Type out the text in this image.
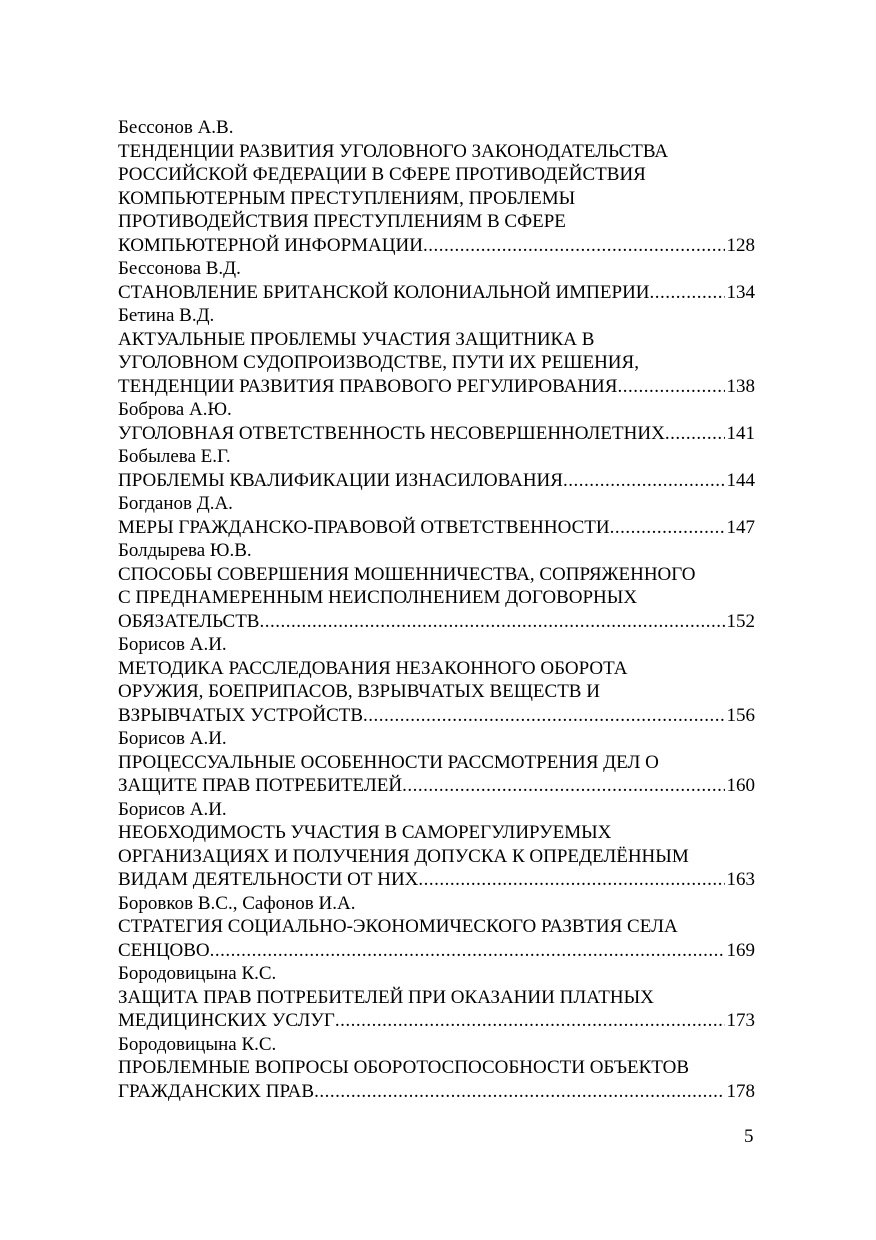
Бессонов А.В.
ТЕНДЕНЦИИ РАЗВИТИЯ УГОЛОВНОГО ЗАКОНОДАТЕЛЬСТВА
РОССИЙСКОЙ ФЕДЕРАЦИИ В СФЕРЕ ПРОТИВОДЕЙСТВИЯ
КОМПЬЮТЕРНЫМ ПРЕСТУПЛЕНИЯМ, ПРОБЛЕМЫ
ПРОТИВОДЕЙСТВИЯ ПРЕСТУПЛЕНИЯМ В СФЕРЕ
КОМПЬЮТЕРНОЙ ИНФОРМАЦИИ .....	128
Бессонова В.Д.
СТАНОВЛЕНИЕ БРИТАНСКОЙ КОЛОНИАЛЬНОЙ ИМПЕРИИ .....	134
Бетина В.Д.
АКТУАЛЬНЫЕ ПРОБЛЕМЫ УЧАСТИЯ ЗАЩИТНИКА В
УГОЛОВНОМ СУДОПРОИЗВОДСТВЕ, ПУТИ ИХ РЕШЕНИЯ,
ТЕНДЕНЦИИ РАЗВИТИЯ ПРАВОВОГО РЕГУЛИРОВАНИЯ .....	138
Боброва А.Ю.
УГОЛОВНАЯ ОТВЕТСТВЕННОСТЬ НЕСОВЕРШЕННОЛЕТНИХ .....	141
Бобылева Е.Г.
ПРОБЛЕМЫ КВАЛИФИКАЦИИ ИЗНАСИЛОВАНИЯ .....	144
Богданов Д.А.
МЕРЫ ГРАЖДАНСКО-ПРАВОВОЙ ОТВЕТСТВЕННОСТИ .....	147
Болдырева Ю.В.
СПОСОБЫ СОВЕРШЕНИЯ МОШЕННИЧЕСТВА, СОПРЯЖЕННОГО
С ПРЕДНАМЕРЕННЫМ НЕИСПОЛНЕНИЕМ ДОГОВОРНЫХ
ОБЯЗАТЕЛЬСТВ .....	152
Борисов А.И.
МЕТОДИКА РАССЛЕДОВАНИЯ НЕЗАКОННОГО ОБОРОТА
ОРУЖИЯ, БОЕПРИПАСОВ, ВЗРЫВЧАТЫХ ВЕЩЕСТВ И
ВЗРЫВЧАТЫХ УСТРОЙСТВ .....	156
Борисов А.И.
ПРОЦЕССУАЛЬНЫЕ ОСОБЕННОСТИ РАССМОТРЕНИЯ ДЕЛ О
ЗАЩИТЕ ПРАВ ПОТРЕБИТЕЛЕЙ .....	160
Борисов А.И.
НЕОБХОДИМОСТЬ УЧАСТИЯ В САМОРЕГУЛИРУЕМЫХ
ОРГАНИЗАЦИЯХ И ПОЛУЧЕНИЯ ДОПУСКА К ОПРЕДЕЛЁННЫМ
ВИДАМ ДЕЯТЕЛЬНОСТИ ОТ НИХ .....	163
Боровков В.С., Сафонов И.А.
СТРАТЕГИЯ СОЦИАЛЬНО-ЭКОНОМИЧЕСКОГО РАЗВТИЯ СЕЛА
СЕНЦОВО .....	169
Бородовицына К.С.
ЗАЩИТА ПРАВ ПОТРЕБИТЕЛЕЙ ПРИ ОКАЗАНИИ ПЛАТНЫХ
МЕДИЦИНСКИХ УСЛУГ .....	173
Бородовицына К.С.
ПРОБЛЕМНЫЕ ВОПРОСЫ ОБОРОТОСПОСОБНОСТИ ОБЪЕКТОВ
ГРАЖДАНСКИХ ПРАВ .....	178
5
